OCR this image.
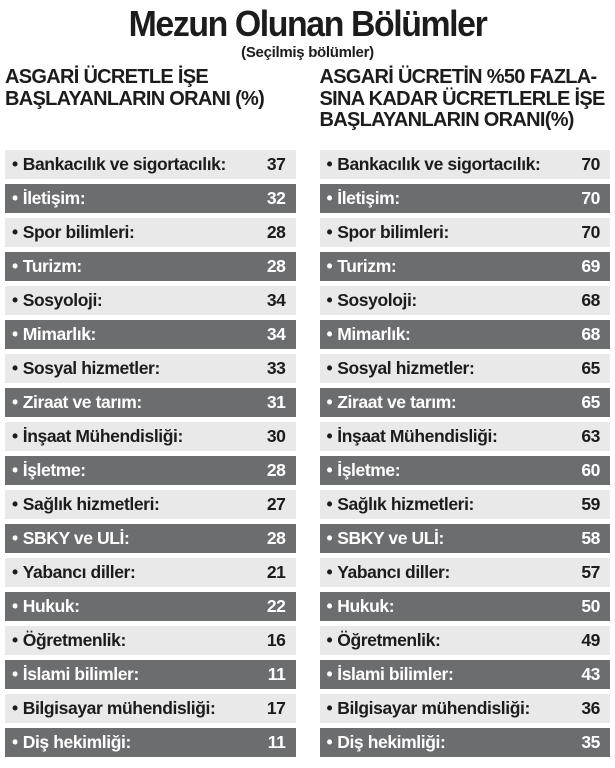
Mezun Olunan Bölümler
(Seçilmiş bölümler)
ASGARİ ÜCRETLE İŞE
BAŞLAYANLARIN ORANI (%)
• Bankacılık ve sigortacılık:	37
• İletişim:	32
• Spor bilimleri:	28
• Turizm:	28
• Sosyoloji:	34
• Mimarlık:	34
• Sosyal hizmetler:	33
• Ziraat ve tarım:	31
• İnşaat Mühendisliği:	30
• İşletme:	28
• Sağlık hizmetleri:	27
• SBKY ve ULİ:	28
• Yabancı diller:	21
• Hukuk:	22
• Öğretmenlik:	16
• İslami bilimler:	11
• Bilgisayar mühendisliği:	17
• Diş hekimliği:	11
ASGARİ ÜCRETİN %50 FAZLA-
SINA KADAR ÜCRETLERLE İŞE
BAŞLAYANLARIN ORANI(%)
• Bankacılık ve sigortacılık:	70
• İletişim:	70
• Spor bilimleri:	70
• Turizm:	69
• Sosyoloji:	68
• Mimarlık:	68
• Sosyal hizmetler:	65
• Ziraat ve tarım:	65
• İnşaat Mühendisliği:	63
• İşletme:	60
• Sağlık hizmetleri:	59
• SBKY ve ULİ:	58
• Yabancı diller:	57
• Hukuk:	50
• Öğretmenlik:	49
• İslami bilimler:	43
• Bilgisayar mühendisliği:	36
• Diş hekimliği:	35
